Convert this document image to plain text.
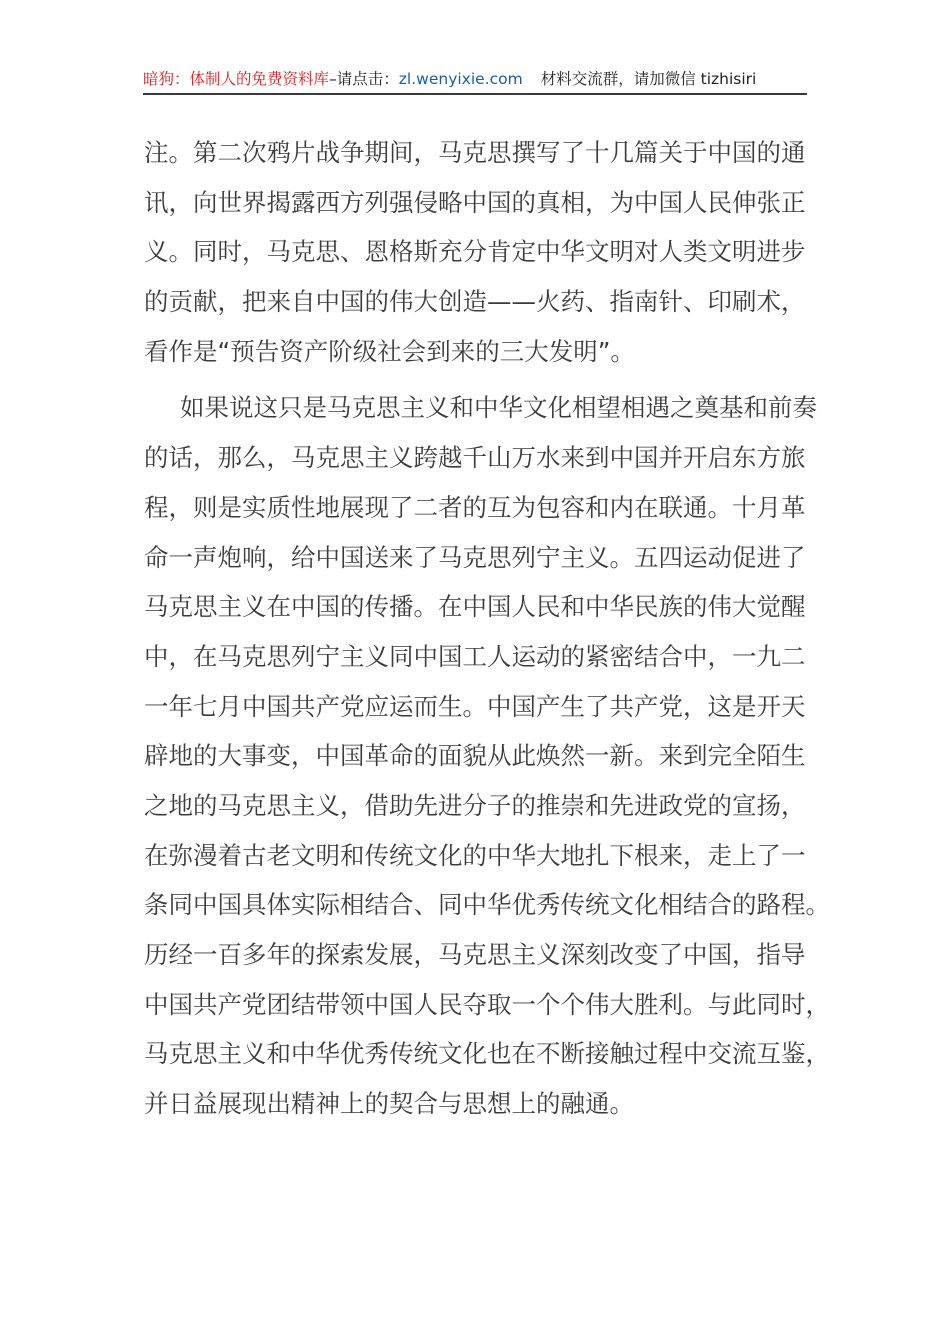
暗狗：体制人的免费资料库–请点击：zl.wenyixie.com 材料交流群，请加微信 tizhisiri
注。第二次鸦片战争期间，马克思撰写了十几篇关于中国的通
讯，向世界揭露西方列强侵略中国的真相，为中国人民伸张正
义。同时，马克思、恩格斯充分肯定中华文明对人类文明进步
的贡献，把来自中国的伟大创造——火药、指南针、印刷术，
看作是“预告资产阶级社会到来的三大发明”。
如果说这只是马克思主义和中华文化相望相遇之奠基和前奏
的话，那么，马克思主义跨越千山万水来到中国并开启东方旅
程，则是实质性地展现了二者的互为包容和内在联通。十月革
命一声炮响，给中国送来了马克思列宁主义。五四运动促进了
马克思主义在中国的传播。在中国人民和中华民族的伟大觉醒
中，在马克思列宁主义同中国工人运动的紧密结合中，一九二
一年七月中国共产党应运而生。中国产生了共产党，这是开天
辟地的大事变，中国革命的面貌从此焕然一新。来到完全陌生
之地的马克思主义，借助先进分子的推崇和先进政党的宣扬，
在弥漫着古老文明和传统文化的中华大地扎下根来，走上了一
条同中国具体实际相结合、同中华优秀传统文化相结合的路程。
历经一百多年的探索发展，马克思主义深刻改变了中国，指导
中国共产党团结带领中国人民夺取一个个伟大胜利。与此同时，
马克思主义和中华优秀传统文化也在不断接触过程中交流互鉴，
并日益展现出精神上的契合与思想上的融通。
